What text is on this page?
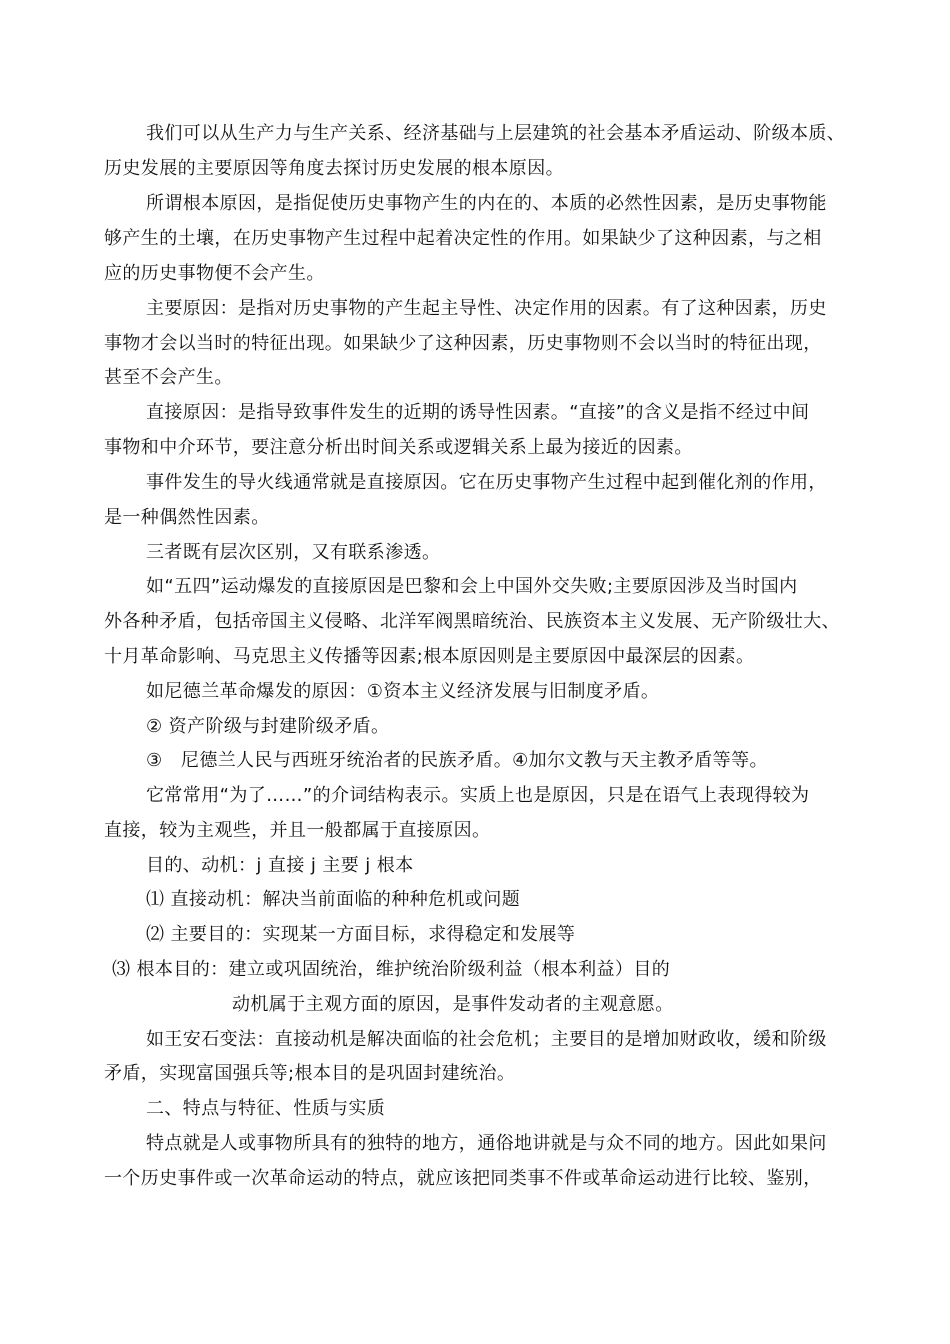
我们可以从生产力与生产关系、经济基础与上层建筑的社会基本矛盾运动、阶级本质、
历史发展的主要原因等角度去探讨历史发展的根本原因。
所谓根本原因，是指促使历史事物产生的内在的、本质的必然性因素，是历史事物能
够产生的土壤，在历史事物产生过程中起着决定性的作用。如果缺少了这种因素，与之相
应的历史事物便不会产生。
主要原因：是指对历史事物的产生起主导性、决定作用的因素。有了这种因素，历史
事物才会以当时的特征出现。如果缺少了这种因素，历史事物则不会以当时的特征出现，
甚至不会产生。
直接原因：是指导致事件发生的近期的诱导性因素。“直接”的含义是指不经过中间
事物和中介环节，要注意分析出时间关系或逻辑关系上最为接近的因素。
事件发生的导火线通常就是直接原因。它在历史事物产生过程中起到催化剂的作用，
是一种偶然性因素。
三者既有层次区别，又有联系渗透。
如“五四”运动爆发的直接原因是巴黎和会上中国外交失败;主要原因涉及当时国内
外各种矛盾，包括帝国主义侵略、北洋军阀黑暗统治、民族资本主义发展、无产阶级壮大、
十月革命影响、马克思主义传播等因素;根本原因则是主要原因中最深层的因素。
如尼德兰革命爆发的原因：①资本主义经济发展与旧制度矛盾。
② 资产阶级与封建阶级矛盾。
③　尼德兰人民与西班牙统治者的民族矛盾。④加尔文教与天主教矛盾等等。
它常常用“为了……”的介词结构表示。实质上也是原因，只是在语气上表现得较为
直接，较为主观些，并且一般都属于直接原因。
目的、动机：j 直接 j 主要 j 根本
⑴ 直接动机：解决当前面临的种种危机或问题
⑵ 主要目的：实现某一方面目标，求得稳定和发展等
⑶ 根本目的：建立或巩固统治，维护统治阶级利益（根本利益）目的
动机属于主观方面的原因，是事件发动者的主观意愿。
如王安石变法：直接动机是解决面临的社会危机；主要目的是增加财政收，缓和阶级
矛盾，实现富国强兵等;根本目的是巩固封建统治。
二、特点与特征、性质与实质
特点就是人或事物所具有的独特的地方，通俗地讲就是与众不同的地方。因此如果问
一个历史事件或一次革命运动的特点，就应该把同类事不件或革命运动进行比较、鉴别，
